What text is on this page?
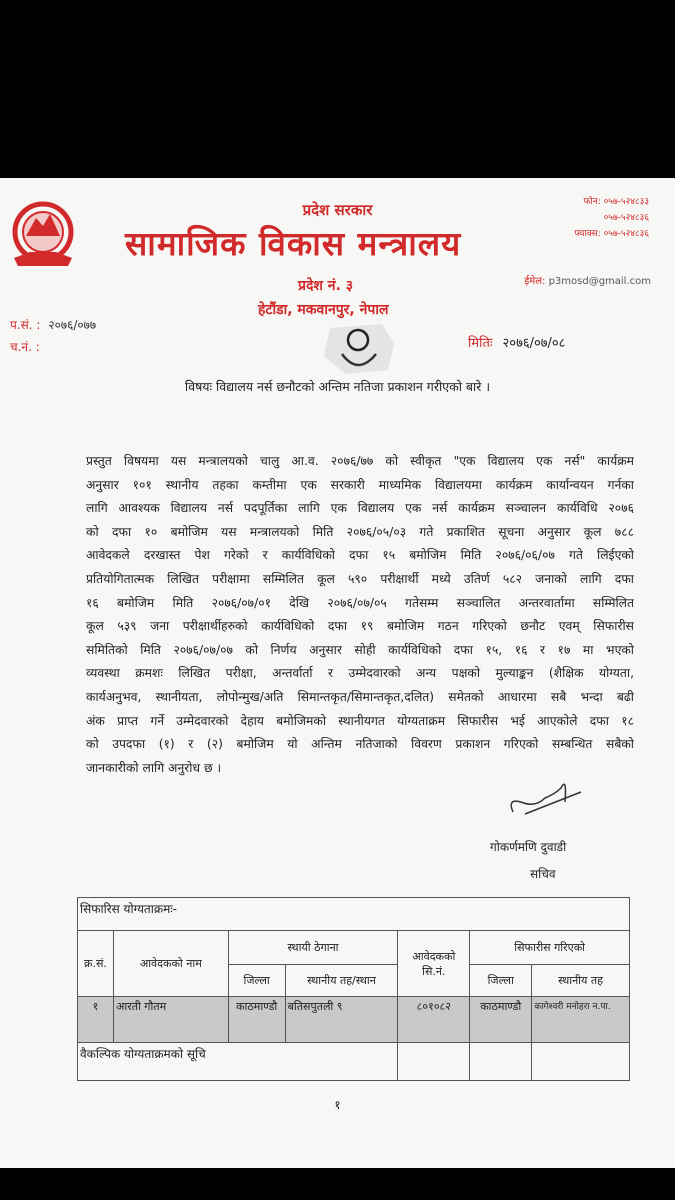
प्रदेश सरकार
सामाजिक विकास मन्त्रालय
फोन: ०५७-५२४८३३
०५७-५२४८३६
फ्याक्स: ०५७-५२४८३६
ईमेल: p3mosd@gmail.com
प्रदेश नं. ३
हेटौंडा, मकवानपुर, नेपाल
प.सं. : २०७६/०७७
च.नं. :	मितिः २०७६/०७/०८
विषयः विद्यालय नर्स छनौटको अन्तिम नतिजा प्रकाशन गरीएको बारे ।
प्रस्तुत विषयमा यस मन्त्रालयको चालु आ.व. २०७६/७७ को स्वीकृत "एक विद्यालय एक नर्स" कार्यक्रम
अनुसार १०१ स्थानीय तहका कम्तीमा एक सरकारी माध्यमिक विद्यालयमा कार्यक्रम कार्यान्वयन गर्नका
लागि आवश्यक विद्यालय नर्स पदपूर्तिका लागि एक विद्यालय एक नर्स कार्यक्रम सञ्चालन कार्यविधि २०७६
को दफा १० बमोजिम यस मन्त्रालयको मिति २०७६/०५/०३ गते प्रकाशित सूचना अनुसार कूल ७८८
आवेदकले दरखास्त पेश गरेको र कार्यविधिको दफा १५ बमोजिम मिति २०७६/०६/०७ गते लिईएको
प्रतियोगितात्मक लिखित परीक्षामा सम्मिलित कूल ५९० परीक्षार्थी मध्ये उतिर्ण ५८२ जनाको लागि दफा
१६ बमोजिम मिति २०७६/०७/०१ देखि २०७६/०७/०५ गतेसम्म सञ्चालित अन्तरवार्तामा सम्मिलित
कूल ५३९ जना परीक्षार्थीहरुको कार्यविधिको दफा १९ बमोजिम गठन गरिएको छनौट एवम् सिफारीस
समितिको मिति २०७६/०७/०७ को निर्णय अनुसार सोही कार्यविधिको दफा १५, १६ र १७ मा भएको
व्यवस्था क्रमशः लिखित परीक्षा, अन्तर्वार्ता र उम्मेदवारको अन्य पक्षको मुल्याङ्कन (शैक्षिक योग्यता,
कार्यअनुभव, स्थानीयता, लोपोन्मुख/अति सिमान्तकृत/सिमान्तकृत,दलित) समेतको आधारमा सबै भन्दा बढी
अंक प्राप्त गर्ने उम्मेदवारको देहाय बमोजिमको स्थानीयगत योग्यताक्रम सिफारीस भई आएकोले दफा १८
को उपदफा (१) र (२) बमोजिम यो अन्तिम नतिजाको विवरण प्रकाशन गरिएको सम्बन्धित सबैको
जानकारीको लागि अनुरोध छ ।
गोकर्णमणि दुवाडी
सचिव
सिफारिस योग्यताक्रमः-						
क्र.सं.	आवेदकको नाम	स्थायी ठेगाना		आवेदकको सि.नं.	सिफारीस गरिएको	
		जिल्ला	स्थानीय तह/स्थान		जिल्ला	स्थानीय तह
१	आरती गौतम	काठमाण्डौ	बतिसपुतली ९	८०१०८२	काठमाण्डौ	कागेश्वरी मनोहरा न.पा.
वैकल्पिक योग्यताक्रमको सूचि						
१
